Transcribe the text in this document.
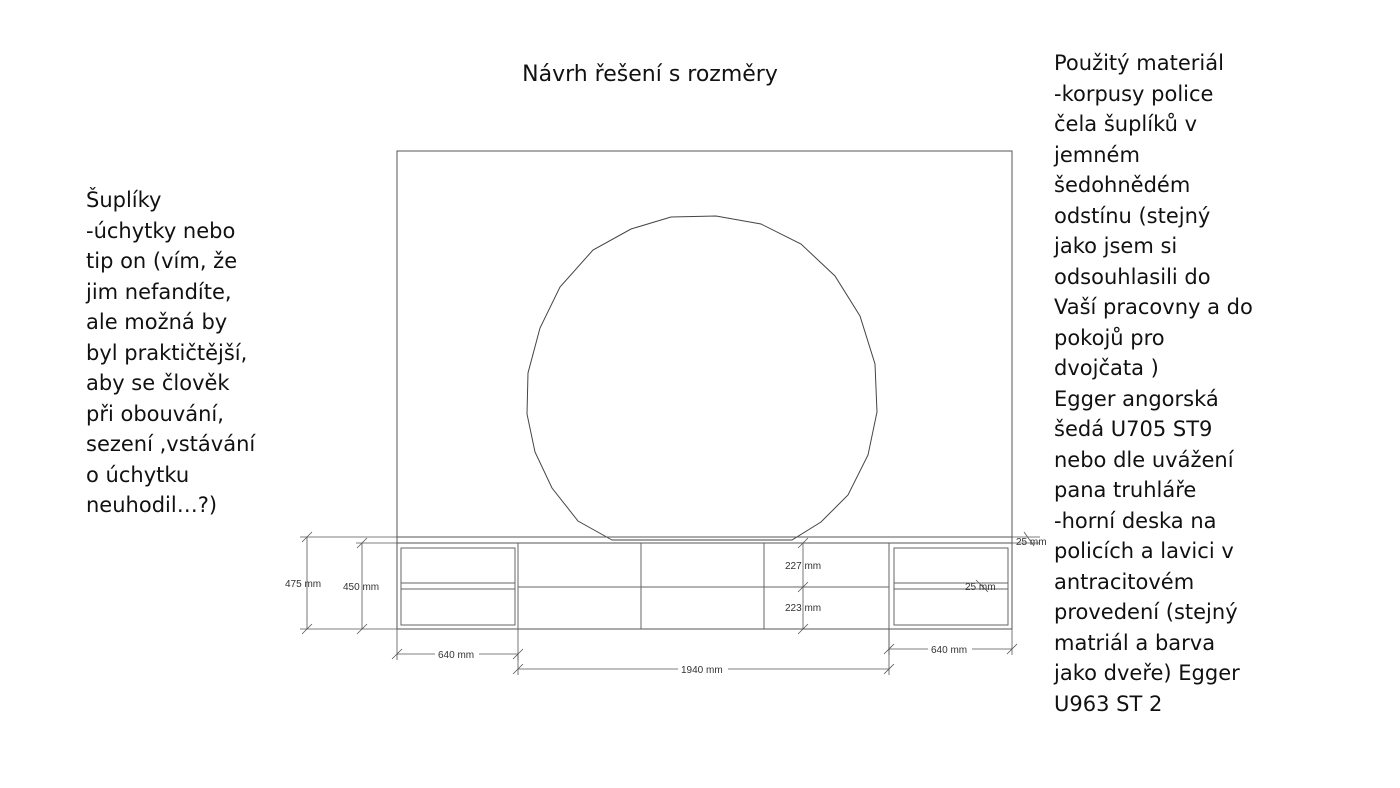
Návrh řešení s rozměry
Šuplíky
-úchytky nebo
tip on (vím, že
jim nefandíte,
ale možná by
byl praktičtější,
aby se člověk
při obouvání,
sezení ,vstávání
o úchytku
neuhodil…?)
Použitý materiál
-korpusy police
čela šuplíků v
jemném
šedohnědém
odstínu (stejný
jako jsem si
odsouhlasili do
Vaší pracovny a do
pokojů pro
dvojčata )
Egger angorská
šedá U705 ST9
nebo dle uvážení
pana truhláře
-horní deska na
policích a lavici v
antracitovém
provedení (stejný
matriál a barva
jako dveře) Egger
U963 ST 2
475 mm 450 mm
227 mm
223 mm
25 mm
25 mm
640 mm
1940 mm
640 mm
